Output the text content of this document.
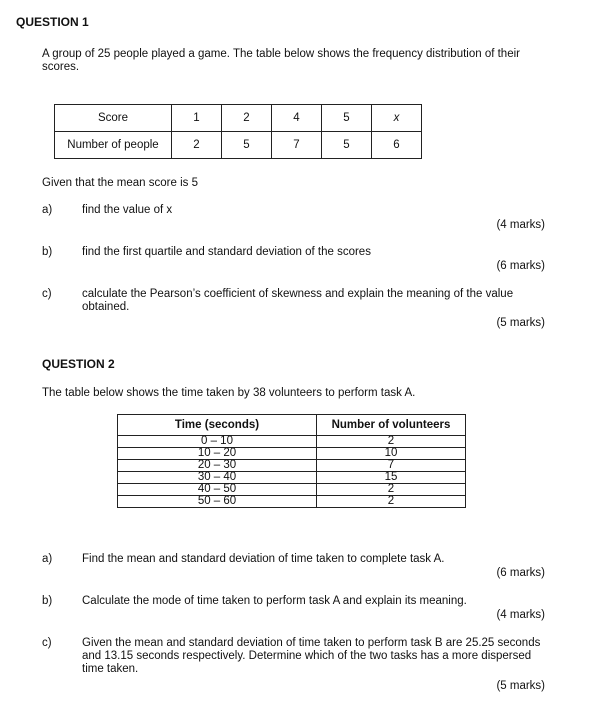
QUESTION 1
A group of 25 people played a game. The table below shows the frequency distribution of their scores.
Score	1	2	4	5	x
Number of people	2	5	7	5	6
Given that the mean score is 5
a)	find the value of x
(4 marks)
b)	find the first quartile and standard deviation of the scores
(6 marks)
c)	calculate the Pearson’s coefficient of skewness and explain the meaning of the value obtained.
(5 marks)
QUESTION 2
The table below shows the time taken by 38 volunteers to perform task A.
Time (seconds)	Number of volunteers
0 – 10	2
10 – 20	10
20 – 30	7
30 – 40	15
40 – 50	2
50 – 60	2
a)	Find the mean and standard deviation of time taken to complete task A.
(6 marks)
b)	Calculate the mode of time taken to perform task A and explain its meaning.
(4 marks)
c)	Given the mean and standard deviation of time taken to perform task B are 25.25 seconds and 13.15 seconds respectively. Determine which of the two tasks has a more dispersed time taken.
(5 marks)
